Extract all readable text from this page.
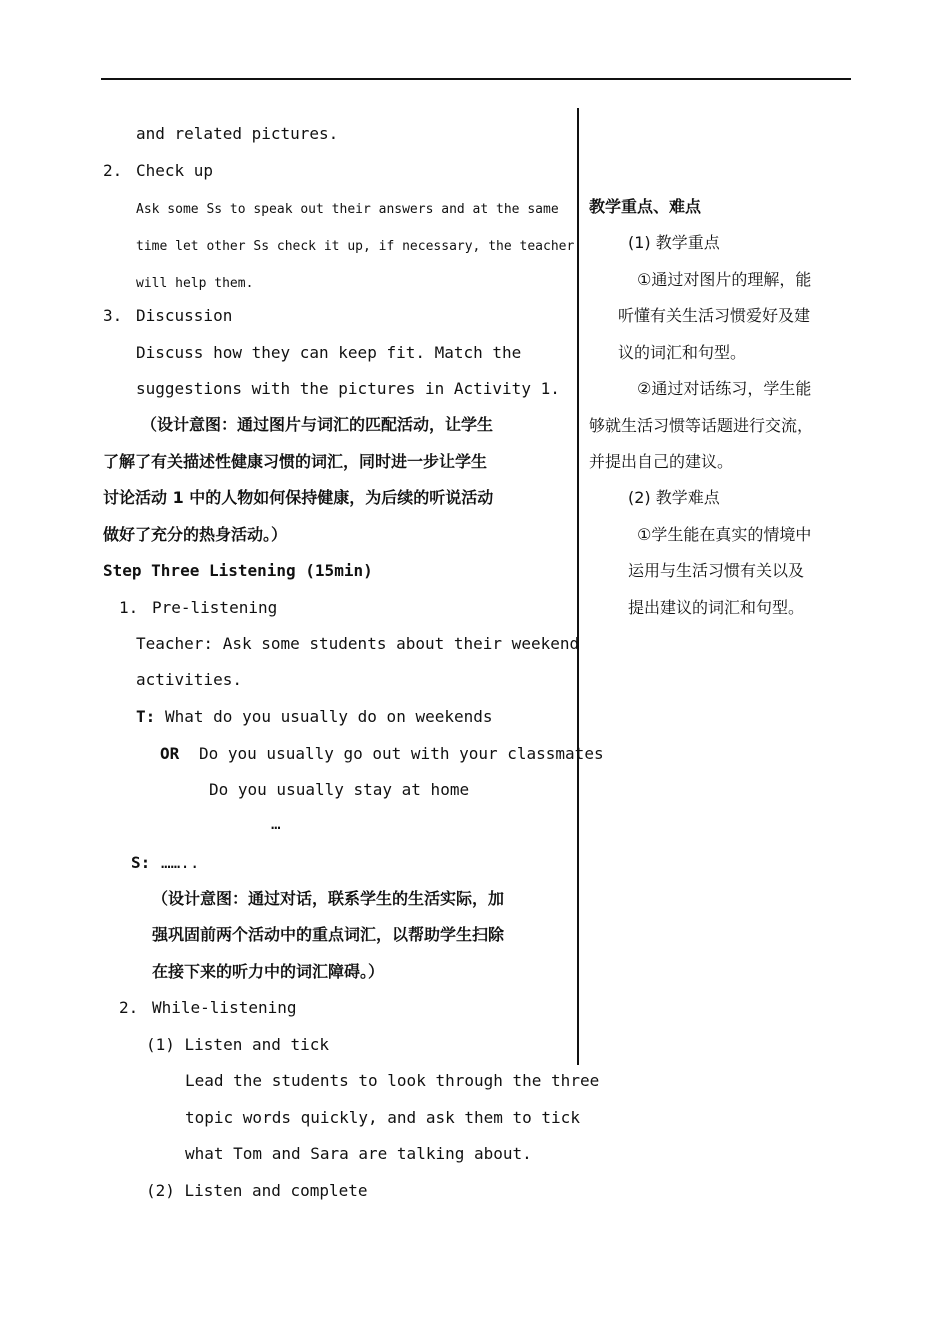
and related pictures.
2. Check up
Ask some Ss to speak out their answers and at the same
time let other Ss check it up, if necessary, the teacher
will help them.
3. Discussion
Discuss how they can keep fit. Match the
suggestions with the pictures in Activity 1.
（设计意图：通过图片与词汇的匹配活动，让学生
了解了有关描述性健康习惯的词汇，同时进一步让学生
讨论活动 1 中的人物如何保持健康，为后续的听说活动
做好了充分的热身活动。）
Step Three Listening (15min)
1. Pre-listening
Teacher: Ask some students about their weekend
activities.
T: What do you usually do on weekends
OR Do you usually go out with your classmates
Do you usually stay at home
…
S: ……..
（设计意图：通过对话，联系学生的生活实际，加
强巩固前两个活动中的重点词汇，以帮助学生扫除
在接下来的听力中的词汇障碍。）
2. While-listening
(1) Listen and tick
Lead the students to look through the three
topic words quickly, and ask them to tick
what Tom and Sara are talking about.
(2) Listen and complete
教学重点、难点
(1) 教学重点
①通过对图片的理解，能
听懂有关生活习惯爱好及建
议的词汇和句型。
②通过对话练习，学生能
够就生活习惯等话题进行交流，
并提出自己的建议。
(2) 教学难点
①学生能在真实的情境中
运用与生活习惯有关以及
提出建议的词汇和句型。
